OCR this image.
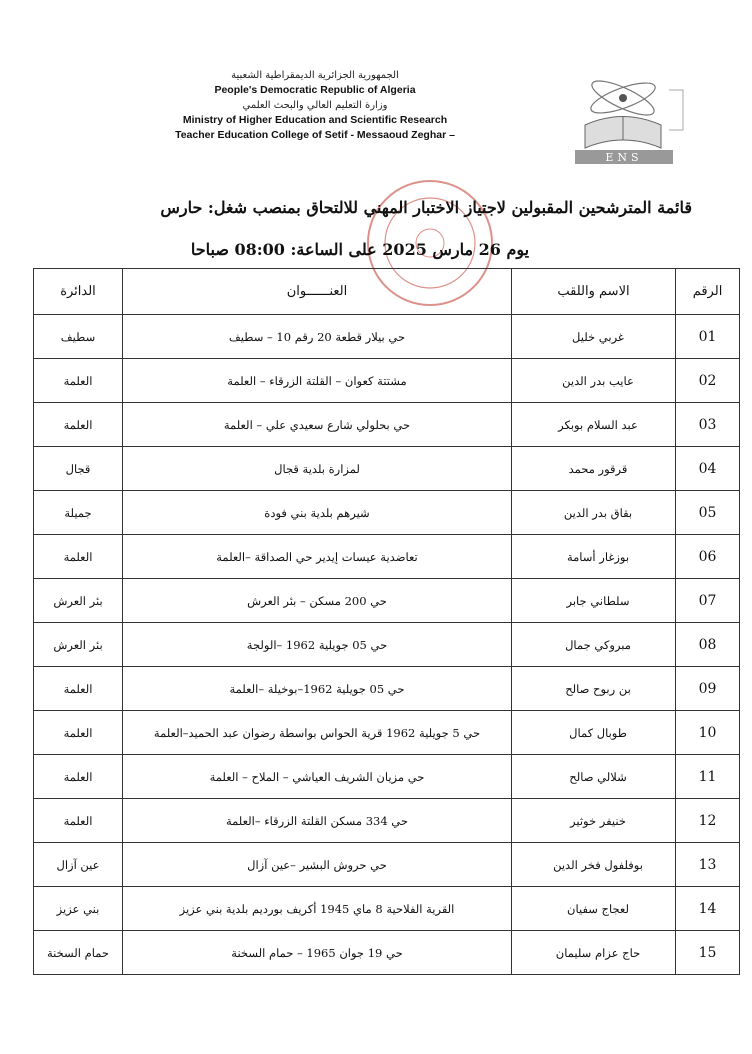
الجمهورية الجزائرية الديمقراطية الشعبية
People's Democratic Republic of Algeria
وزارة التعليم العالي والبحث العلمي
Ministry of Higher Education and Scientific Research
Teacher Education College of Setif - Messaoud Zeghar –
ENS
قائمة المترشحين المقبولين لاجتياز الاختبار المهني للالتحاق بمنصب شغل: حارس
يوم 26 مارس 2025 على الساعة: 08:00 صباحا
الرقم	الاسم واللقب	العنــــــوان	الدائرة
01	غربي خليل	حي بيلار قطعة 20 رقم 10 – سطيف	سطيف
02	عايب بدر الدين	مشتتة كعوان – القلتة الزرقاء – العلمة	العلمة
03	عبد السلام بوبكر	حي بحلولي شارع سعيدي علي – العلمة	العلمة
04	قرقور محمد	لمزارة بلدية قجال	قجال
05	بقاق بدر الدين	شيرهم بلدية بني فودة	جميلة
06	بوزغار أسامة	تعاضدية عيسات إيدير حي الصداقة –العلمة	العلمة
07	سلطاني جابر	حي 200 مسكن – بئر العرش	بئر العرش
08	مبروكي جمال	حي 05 جويلية 1962 –الولجة	بئر العرش
09	بن ربوح صالح	حي 05 جويلية 1962–بوخيلة –العلمة	العلمة
10	طوبال كمال	حي 5 جويلية 1962 قرية الحواس بواسطة رضوان عبد الحميد–العلمة	العلمة
11	شلالي صالح	حي مزيان الشريف العياشي – الملاح – العلمة	العلمة
12	خنيفر خوثير	حي 334 مسكن القلتة الزرقاء –العلمة	العلمة
13	بوفلفول فخر الدين	حي حروش البشير –عين آزال	عين آزال
14	لعجاج سفيان	القرية الفلاحية 8 ماي 1945 أكريف بورديم بلدية بني عزيز	بني عزيز
15	حاج عزام سليمان	حي 19 جوان 1965 – حمام السخنة	حمام السخنة
